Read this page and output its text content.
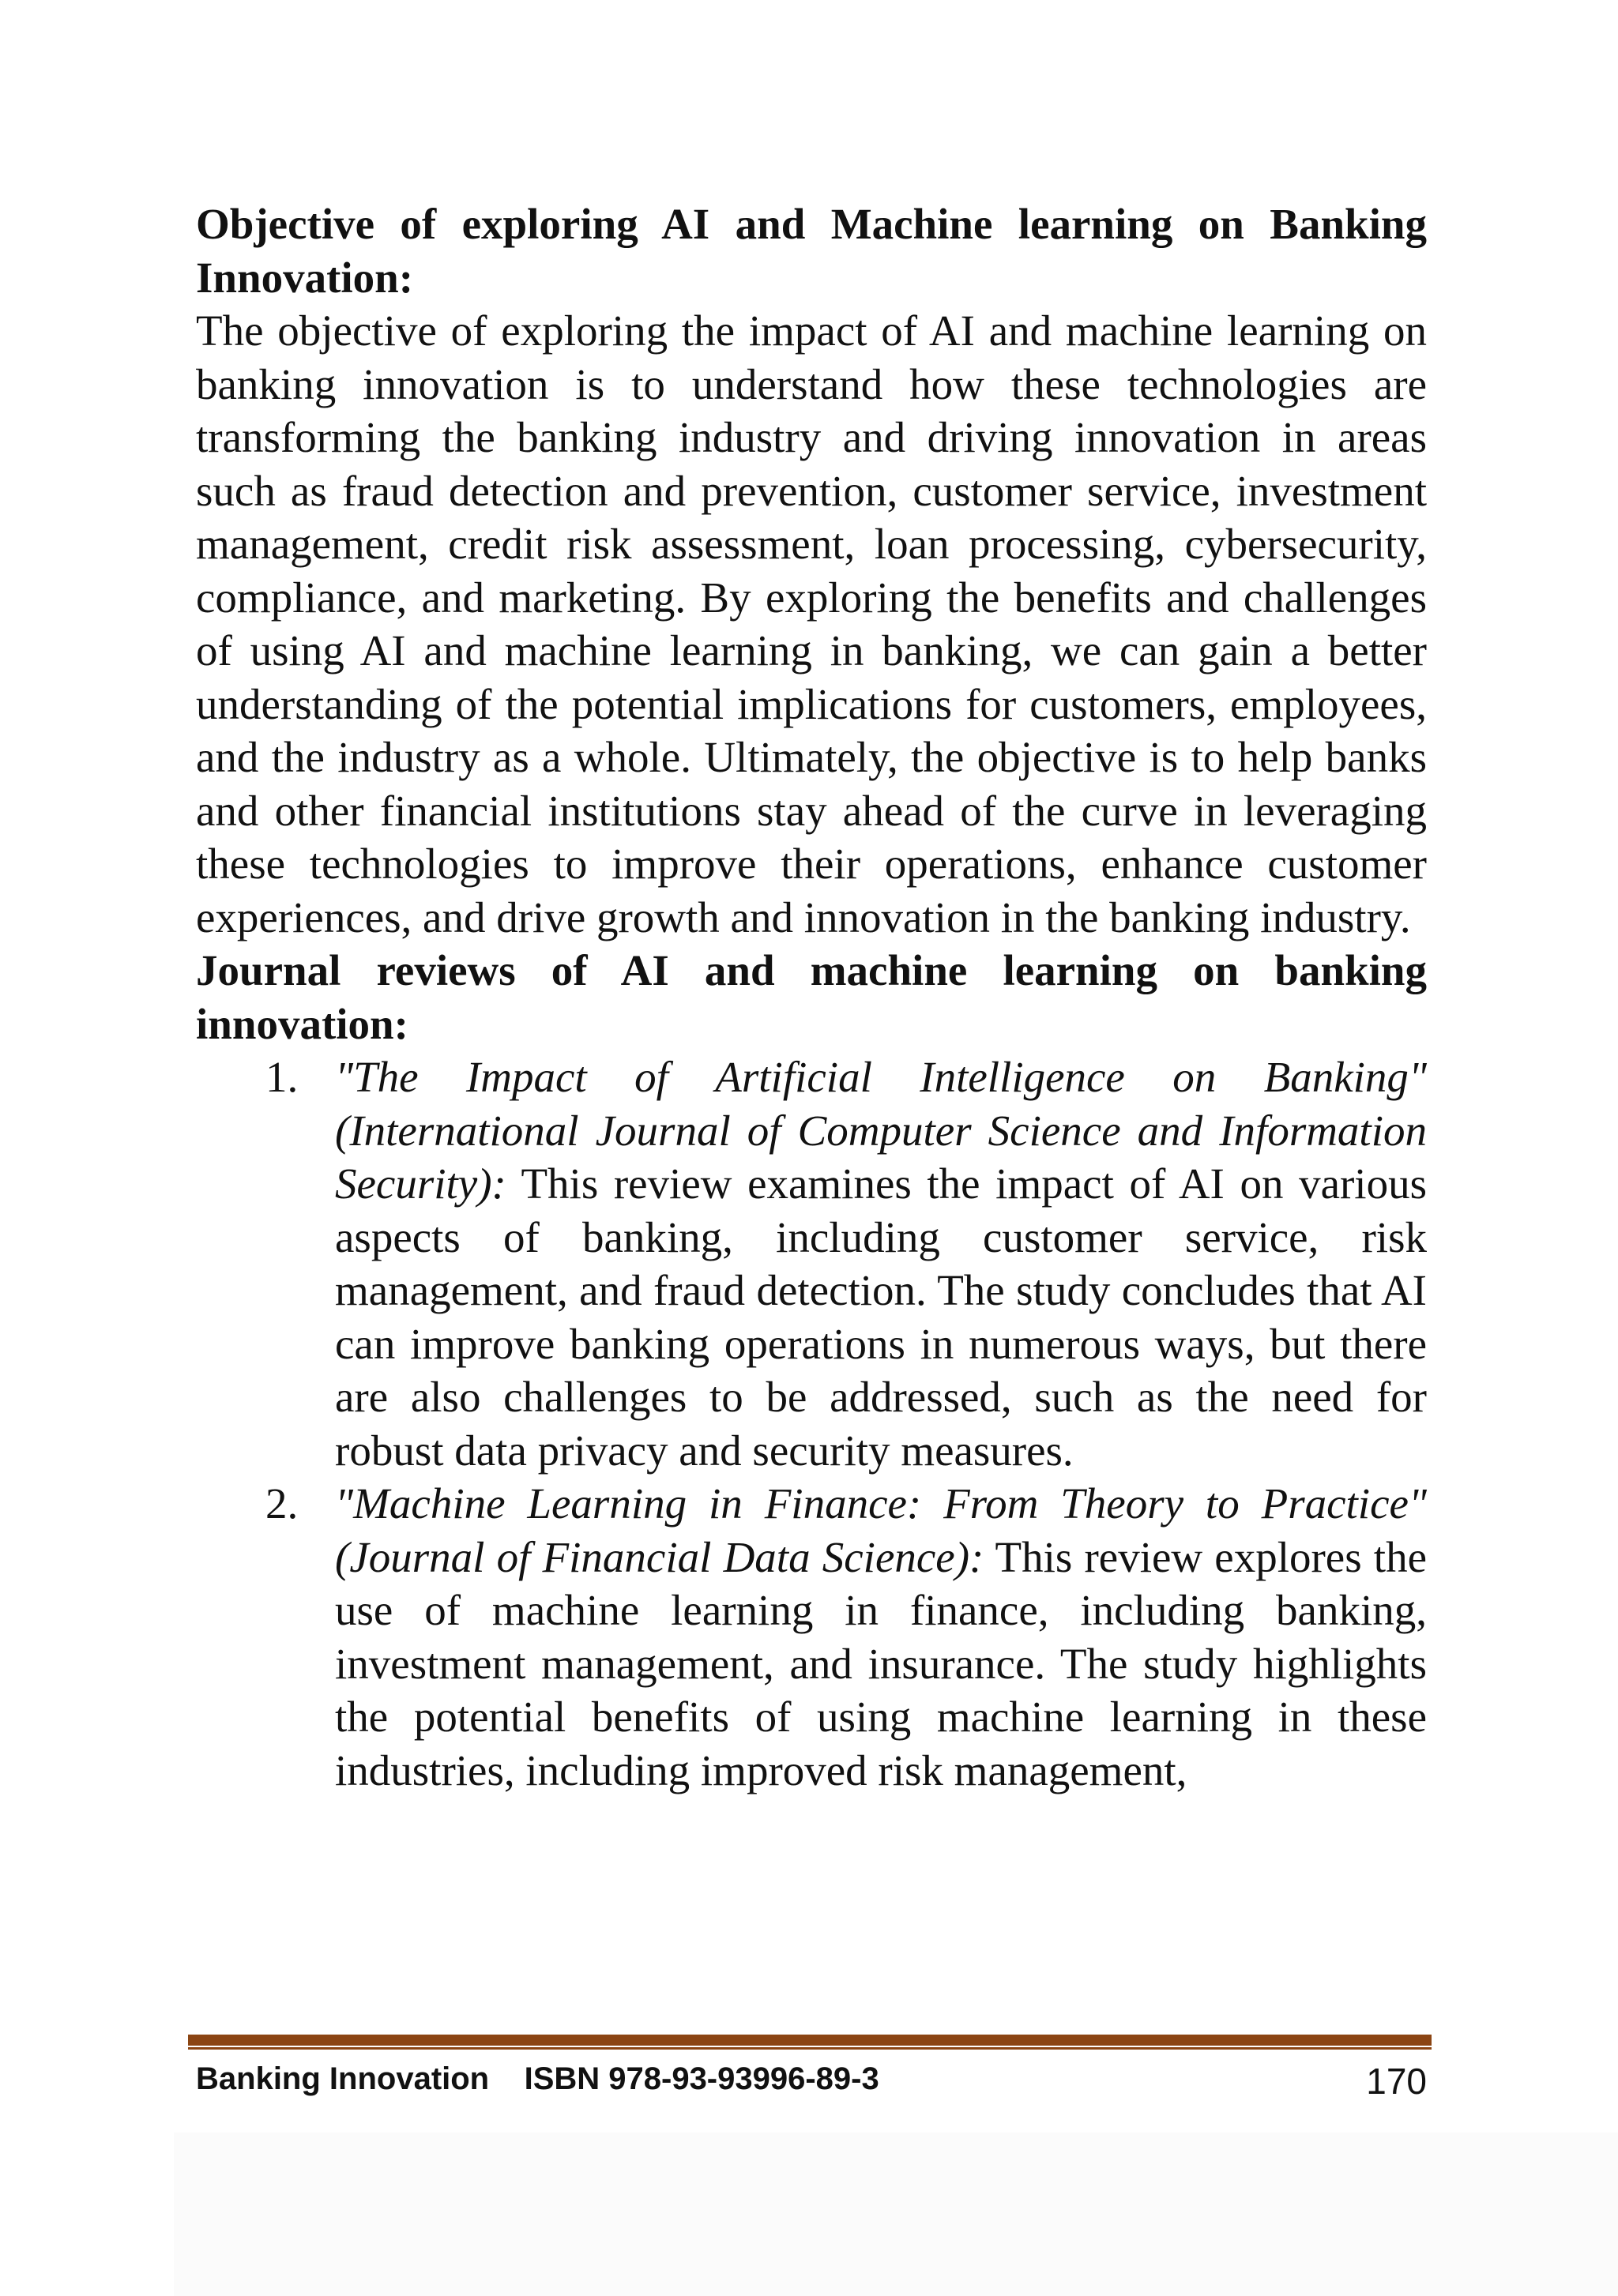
Objective of exploring AI and Machine learning on Banking Innovation:

The objective of exploring the impact of AI and machine learning on banking innovation is to understand how these technologies are transforming the banking industry and driving innovation in areas such as fraud detection and prevention, customer service, investment management, credit risk assessment, loan processing, cybersecurity, compliance, and marketing. By exploring the benefits and challenges of using AI and machine learning in banking, we can gain a better understanding of the potential implications for customers, employees, and the industry as a whole. Ultimately, the objective is to help banks and other financial institutions stay ahead of the curve in leveraging these technologies to improve their operations, enhance customer experiences, and drive growth and innovation in the banking industry.

Journal reviews of AI and machine learning on banking innovation:

1. "The Impact of Artificial Intelligence on Banking" (International Journal of Computer Science and Information Security): This review examines the impact of AI on various aspects of banking, including customer service, risk management, and fraud detection. The study concludes that AI can improve banking operations in numerous ways, but there are also challenges to be addressed, such as the need for robust data privacy and security measures.
2. "Machine Learning in Finance: From Theory to Practice" (Journal of Financial Data Science): This review explores the use of machine learning in finance, including banking, investment management, and insurance. The study highlights the potential benefits of using machine learning in these industries, including improved risk management,
Banking Innovation ISBN 978-93-93996-89-3	170
